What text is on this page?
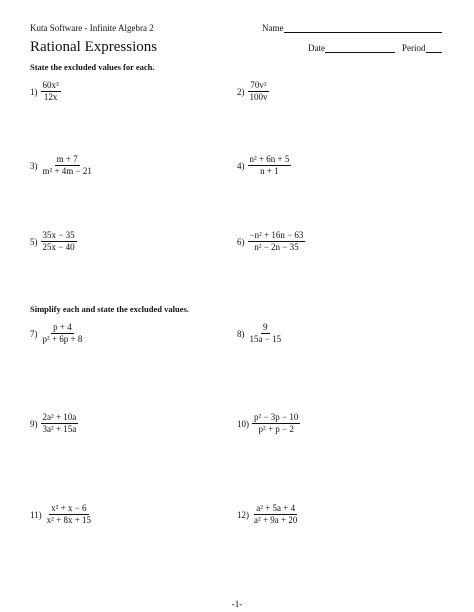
Kuta Software - Infinite Algebra 2	Name
Rational Expressions	Date	Period
State the excluded values for each.
$1) \frac{\text{60x³}}{12x}$	$2) \frac{\text{70v²}}{100v}$
$3) \frac{m + 7}{\text{m² + 4m − 21}}$	$4) \frac{\text{n² + 6n + 5}}{n + 1}$
$5) \frac{35x - 35}{25x - 40}$	$6) \frac{\text{−n² + 16n − 63}}{\text{n² − 2n − 35}}$
Simplify each and state the excluded values.
$7) \frac{p + 4}{\text{p² + 6p + 8}}$	$8) \frac{9}{15a - 15}$
$9) \frac{\text{2a² + 10a}}{\text{3a² + 15a}}$	$10) \frac{\text{p² − 3p − 10}}{\text{p² + p − 2}}$
$11) \frac{\text{x² + x − 6}}{\text{x² + 8x + 15}}$	$12) \frac{\text{a² + 5a + 4}}{\text{a² + 9a + 20}}$
-1-
